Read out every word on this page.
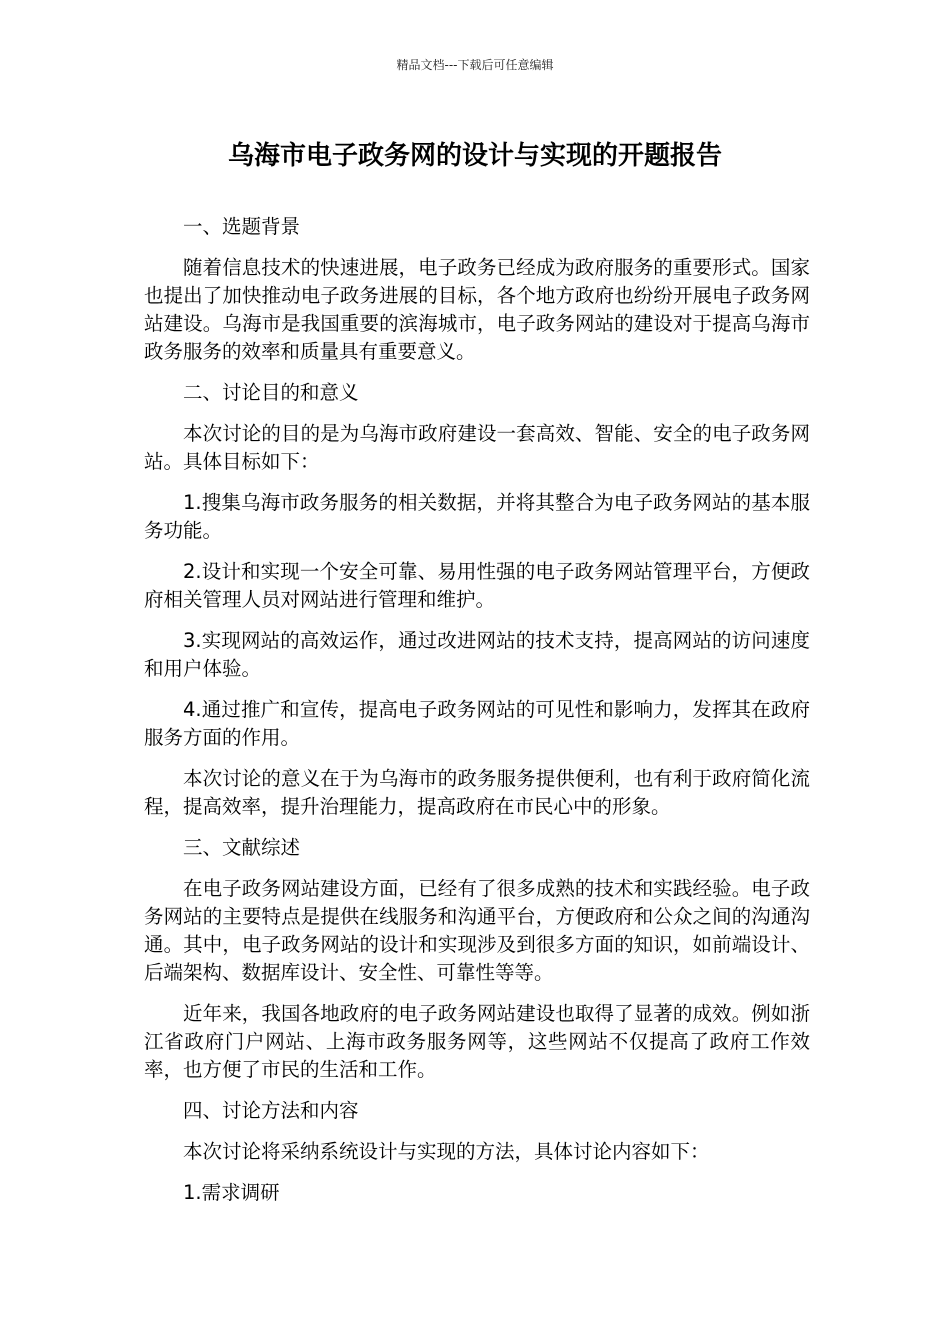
精品文档---下载后可任意编辑
乌海市电子政务网的设计与实现的开题报告

一、选题背景

随着信息技术的快速进展，电子政务已经成为政府服务的重要形式。国家也提出了加快推动电子政务进展的目标，各个地方政府也纷纷开展电子政务网站建设。乌海市是我国重要的滨海城市，电子政务网站的建设对于提高乌海市政务服务的效率和质量具有重要意义。

二、讨论目的和意义

本次讨论的目的是为乌海市政府建设一套高效、智能、安全的电子政务网站。具体目标如下：

1.搜集乌海市政务服务的相关数据，并将其整合为电子政务网站的基本服务功能。

2.设计和实现一个安全可靠、易用性强的电子政务网站管理平台，方便政府相关管理人员对网站进行管理和维护。

3.实现网站的高效运作，通过改进网站的技术支持，提高网站的访问速度和用户体验。

4.通过推广和宣传，提高电子政务网站的可见性和影响力，发挥其在政府服务方面的作用。

本次讨论的意义在于为乌海市的政务服务提供便利，也有利于政府简化流程，提高效率，提升治理能力，提高政府在市民心中的形象。

三、文献综述

在电子政务网站建设方面，已经有了很多成熟的技术和实践经验。电子政务网站的主要特点是提供在线服务和沟通平台，方便政府和公众之间的沟通沟通。其中，电子政务网站的设计和实现涉及到很多方面的知识，如前端设计、后端架构、数据库设计、安全性、可靠性等等。

近年来，我国各地政府的电子政务网站建设也取得了显著的成效。例如浙江省政府门户网站、上海市政务服务网等，这些网站不仅提高了政府工作效率，也方便了市民的生活和工作。

四、讨论方法和内容

本次讨论将采纳系统设计与实现的方法，具体讨论内容如下：

1.需求调研
